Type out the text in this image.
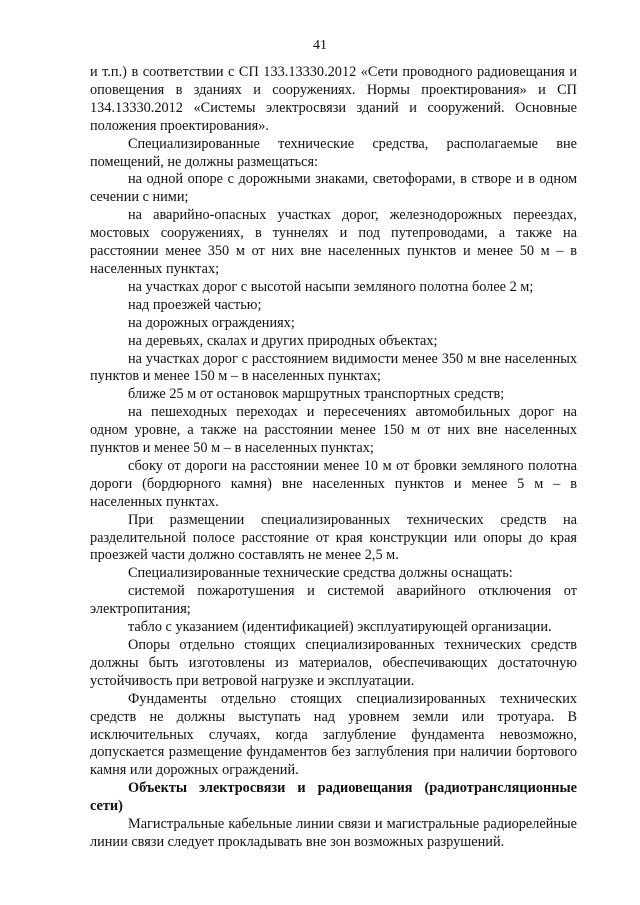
41

и т.п.) в соответствии с СП 133.13330.2012 «Сети проводного радиовещания и оповещения в зданиях и сооружениях. Нормы проектирования» и СП 134.13330.2012 «Системы электросвязи зданий и сооружений. Основные положения проектирования».

Специализированные технические средства, располагаемые вне помещений, не должны размещаться:

на одной опоре с дорожными знаками, светофорами, в створе и в одном сечении с ними;

на аварийно-опасных участках дорог, железнодорожных переездах, мостовых сооружениях, в туннелях и под путепроводами, а также на расстоянии менее 350 м от них вне населенных пунктов и менее 50 м – в населенных пунктах;

на участках дорог с высотой насыпи земляного полотна более 2 м;

над проезжей частью;

на дорожных ограждениях;

на деревьях, скалах и других природных объектах;

на участках дорог с расстоянием видимости менее 350 м вне населенных пунктов и менее 150 м – в населенных пунктах;

ближе 25 м от остановок маршрутных транспортных средств;

на пешеходных переходах и пересечениях автомобильных дорог на одном уровне, а также на расстоянии менее 150 м от них вне населенных пунктов и менее 50 м – в населенных пунктах;

сбоку от дороги на расстоянии менее 10 м от бровки земляного полотна дороги (бордюрного камня) вне населенных пунктов и менее 5 м – в населенных пунктах.

При размещении специализированных технических средств на разделительной полосе расстояние от края конструкции или опоры до края проезжей части должно составлять не менее 2,5 м.

Специализированные технические средства должны оснащать:

системой пожаротушения и системой аварийного отключения от электропитания;

табло с указанием (идентификацией) эксплуатирующей организации.

Опоры отдельно стоящих специализированных технических средств должны быть изготовлены из материалов, обеспечивающих достаточную устойчивость при ветровой нагрузке и эксплуатации.

Фундаменты отдельно стоящих специализированных технических средств не должны выступать над уровнем земли или тротуара. В исключительных случаях, когда заглубление фундамента невозможно, допускается размещение фундаментов без заглубления при наличии бортового камня или дорожных ограждений.

Объекты электросвязи и радиовещания (радиотрансляционные сети)

Магистральные кабельные линии связи и магистральные радиорелейные линии связи следует прокладывать вне зон возможных разрушений.
